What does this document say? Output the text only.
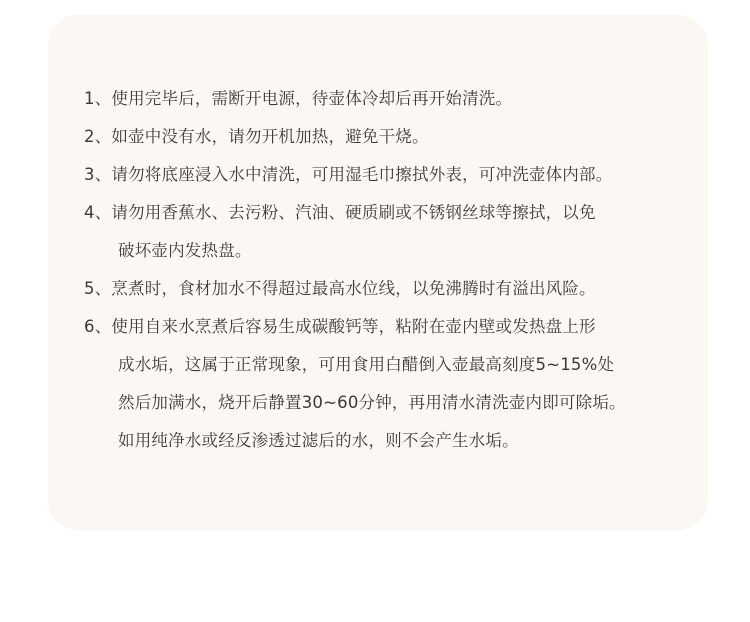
1、使用完毕后，需断开电源，待壶体冷却后再开始清洗。
2、如壶中没有水，请勿开机加热，避免干烧。
3、请勿将底座浸入水中清洗，可用湿毛巾擦拭外表，可冲洗壶体内部。
4、请勿用香蕉水、去污粉、汽油、硬质刷或不锈钢丝球等擦拭，以免
破坏壶内发热盘。
5、烹煮时，食材加水不得超过最高水位线，以免沸腾时有溢出风险。
6、使用自来水烹煮后容易生成碳酸钙等，粘附在壶内壁或发热盘上形
成水垢，这属于正常现象，可用食用白醋倒入壶最高刻度5~15%处
然后加满水，烧开后静置30~60分钟，再用清水清洗壶内即可除垢。
如用纯净水或经反渗透过滤后的水，则不会产生水垢。
